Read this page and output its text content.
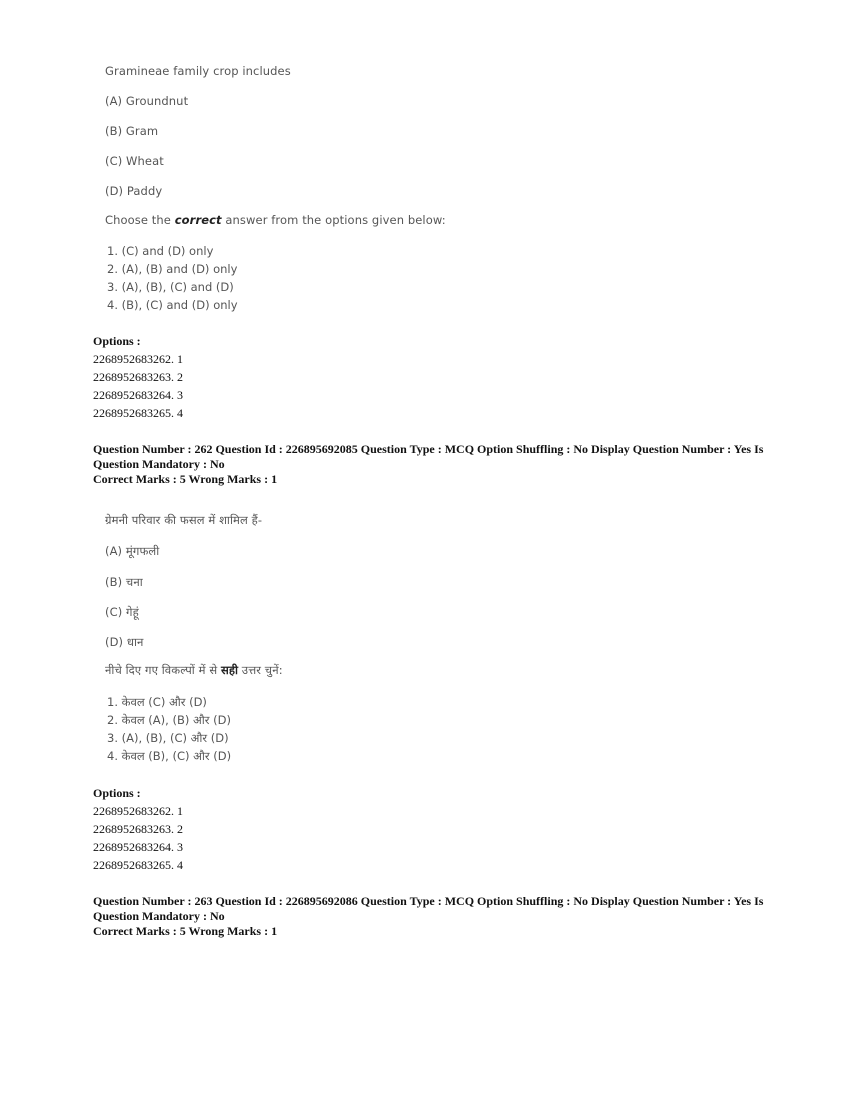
Gramineae family crop includes
(A) Groundnut
(B) Gram
(C) Wheat
(D) Paddy
Choose the correct answer from the options given below:
1. (C) and (D) only
2. (A), (B) and (D) only
3. (A), (B), (C) and (D)
4. (B), (C) and (D) only
Options :
2268952683262. 1
2268952683263. 2
2268952683264. 3
2268952683265. 4
Question Number : 262 Question Id : 226895692085 Question Type : MCQ Option Shuffling : No Display Question Number : Yes Is Question Mandatory : No
Correct Marks : 5 Wrong Marks : 1
ग्रेमनी परिवार की फसल में शामिल हैं-
(A) मूंगफली
(B) चना
(C) गेहूं
(D) धान
नीचे दिए गए विकल्पों में से सही उत्तर चुनें:
1. केवल (C) और (D)
2. केवल (A), (B) और (D)
3. (A), (B), (C) और (D)
4. केवल (B), (C) और (D)
Options :
2268952683262. 1
2268952683263. 2
2268952683264. 3
2268952683265. 4
Question Number : 263 Question Id : 226895692086 Question Type : MCQ Option Shuffling : No Display Question Number : Yes Is Question Mandatory : No
Correct Marks : 5 Wrong Marks : 1
